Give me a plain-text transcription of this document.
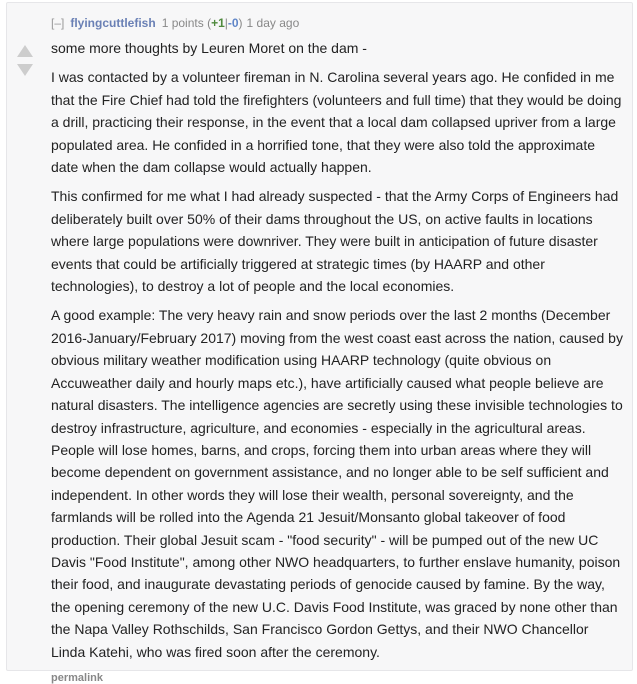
[–] flyingcuttlefish 1 points (+1|-0) 1 day ago

some more thoughts by Leuren Moret on the dam -

I was contacted by a volunteer fireman in N. Carolina several years ago. He confided in me that the Fire Chief had told the firefighters (volunteers and full time) that they would be doing a drill, practicing their response, in the event that a local dam collapsed upriver from a large populated area. He confided in a horrified tone, that they were also told the approximate date when the dam collapse would actually happen.

This confirmed for me what I had already suspected - that the Army Corps of Engineers had deliberately built over 50% of their dams throughout the US, on active faults in locations where large populations were downriver. They were built in anticipation of future disaster events that could be artificially triggered at strategic times (by HAARP and other technologies), to destroy a lot of people and the local economies.

A good example: The very heavy rain and snow periods over the last 2 months (December 2016-January/February 2017) moving from the west coast east across the nation, caused by obvious military weather modification using HAARP technology (quite obvious on Accuweather daily and hourly maps etc.), have artificially caused what people believe are natural disasters. The intelligence agencies are secretly using these invisible technologies to destroy infrastructure, agriculture, and economies - especially in the agricultural areas. People will lose homes, barns, and crops, forcing them into urban areas where they will become dependent on government assistance, and no longer able to be self sufficient and independent. In other words they will lose their wealth, personal sovereignty, and the farmlands will be rolled into the Agenda 21 Jesuit/Monsanto global takeover of food production. Their global Jesuit scam - "food security" - will be pumped out of the new UC Davis "Food Institute", among other NWO headquarters, to further enslave humanity, poison their food, and inaugurate devastating periods of genocide caused by famine. By the way, the opening ceremony of the new U.C. Davis Food Institute, was graced by none other than the Napa Valley Rothschilds, San Francisco Gordon Gettys, and their NWO Chancellor Linda Katehi, who was fired soon after the ceremony.

permalink
